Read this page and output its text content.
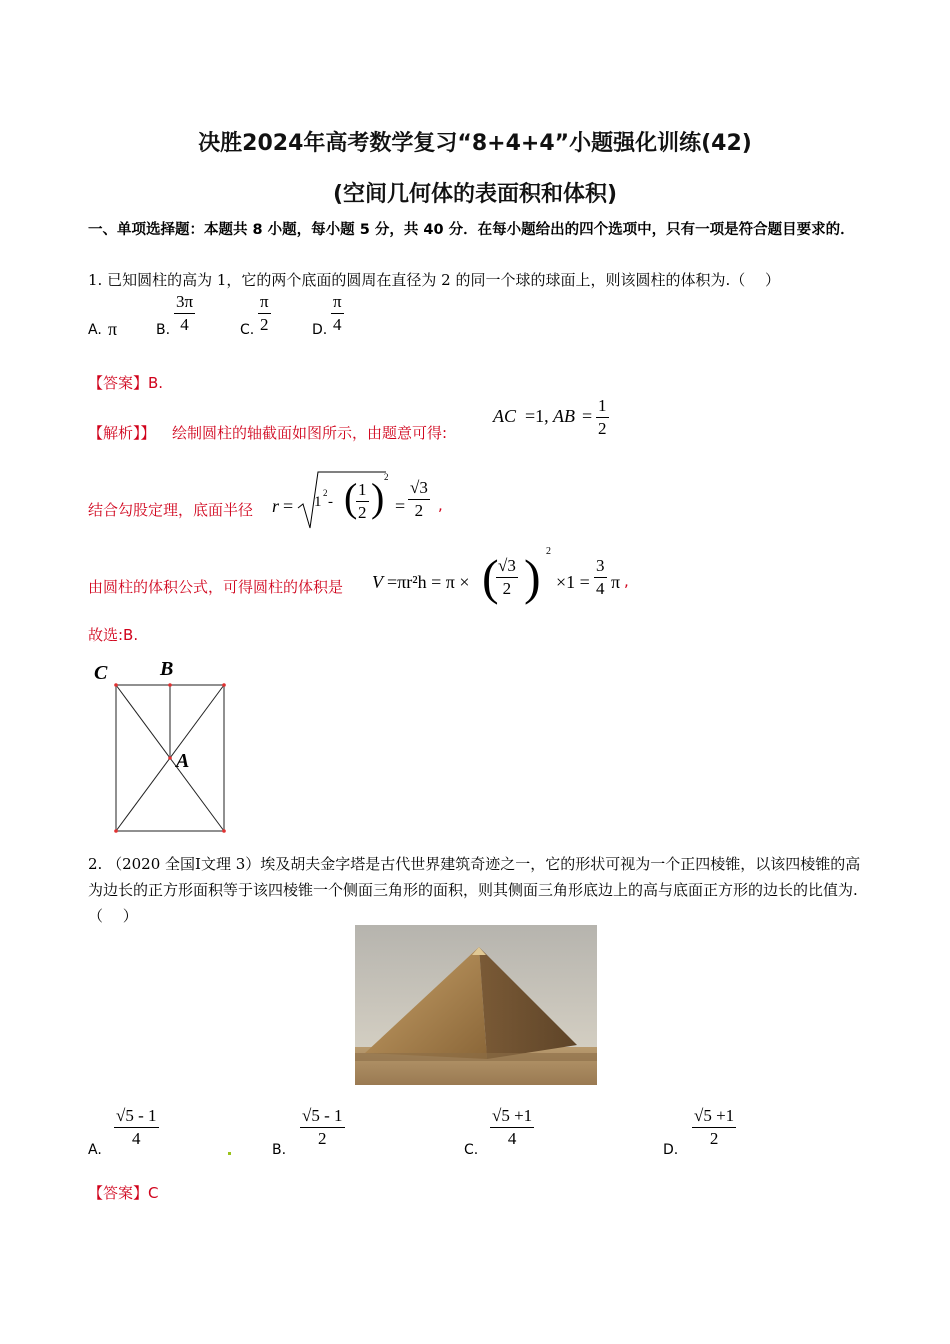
决胜2024年高考数学复习“8+4+4”小题强化训练(42)
(空间几何体的表面积和体积)
一、单项选择题：本题共 8 小题，每小题 5 分，共 40 分．在每小题给出的四个选项中，只有一项是符合题目要求的．
1. 已知圆柱的高为 1，它的两个底面的圆周在直径为 2 的同一个球的球面上，则该圆柱的体积为.（　 ）
A. π	B. $\frac{3\pi}{4}$	C. $\frac{\pi}{2}$	D. $\frac{\pi}{4}$
【答案】B.
【解析】】 绘制圆柱的轴截面如图所示，由题意可得:
AC =1, AB = $\frac{1}{2}$
结合勾股定理，底面半径 r = 1
2
- (
$\frac{1}{2}$ ) 2
= $\frac{√3}{2}$ ,
由圆柱的体积公式，可得圆柱的体积是 V =πr²h = π × (
$\frac{√3}{2}$ ) 2
$\times 1 = \frac{3}{4}$ π ,
故选:B.
C	B
A
2. （2020 全国Ⅰ文理 3）埃及胡夫金字塔是古代世界建筑奇迹之一，它的形状可视为一个正四棱锥，以该四棱锥的高为边长的正方形面积等于该四棱锥一个侧面三角形的面积，则其侧面三角形底边上的高与底面正方形的边长的比值为.（　 ）
A.
$\frac{√5 - 1}{4}$
B.
$\frac{√5 - 1}{2}$
C.
$\frac{√5 +1}{4}$
D.
$\frac{√5 +1}{2}$
【答案】C
